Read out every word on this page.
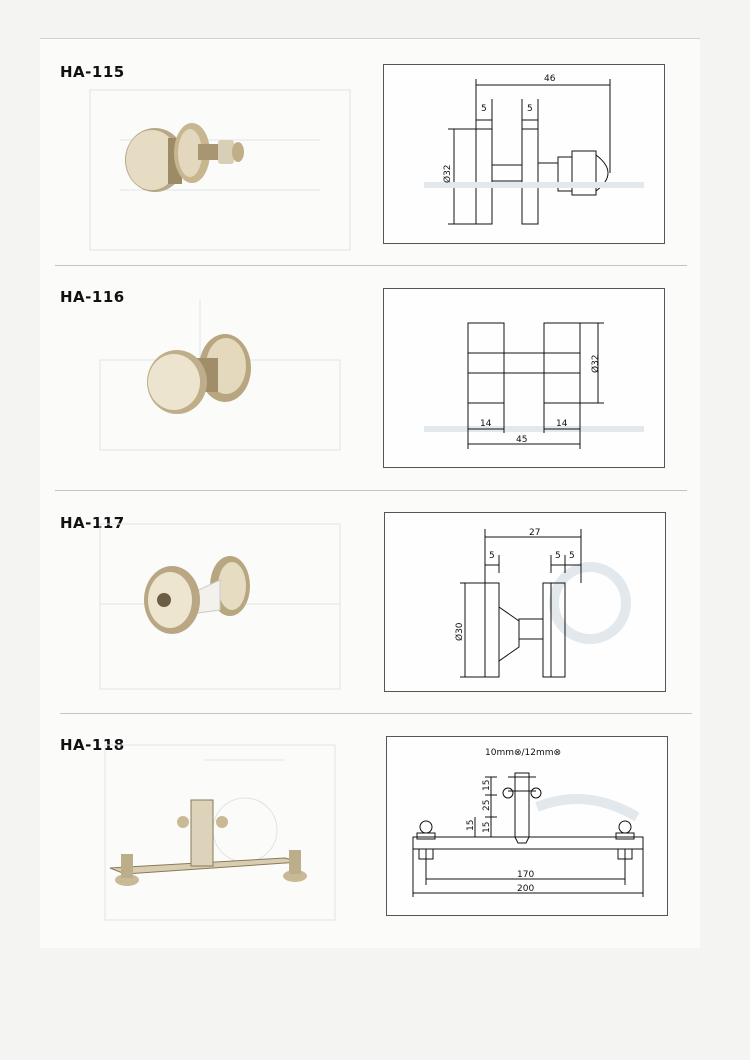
HA-115	46
5	5
Ø32
HA-116
Ø32
14	14
45
HA-117
27
5	5 5
Ø30
HA-118	10mm⊗/12mm⊗
15
25
15 15
170
200
